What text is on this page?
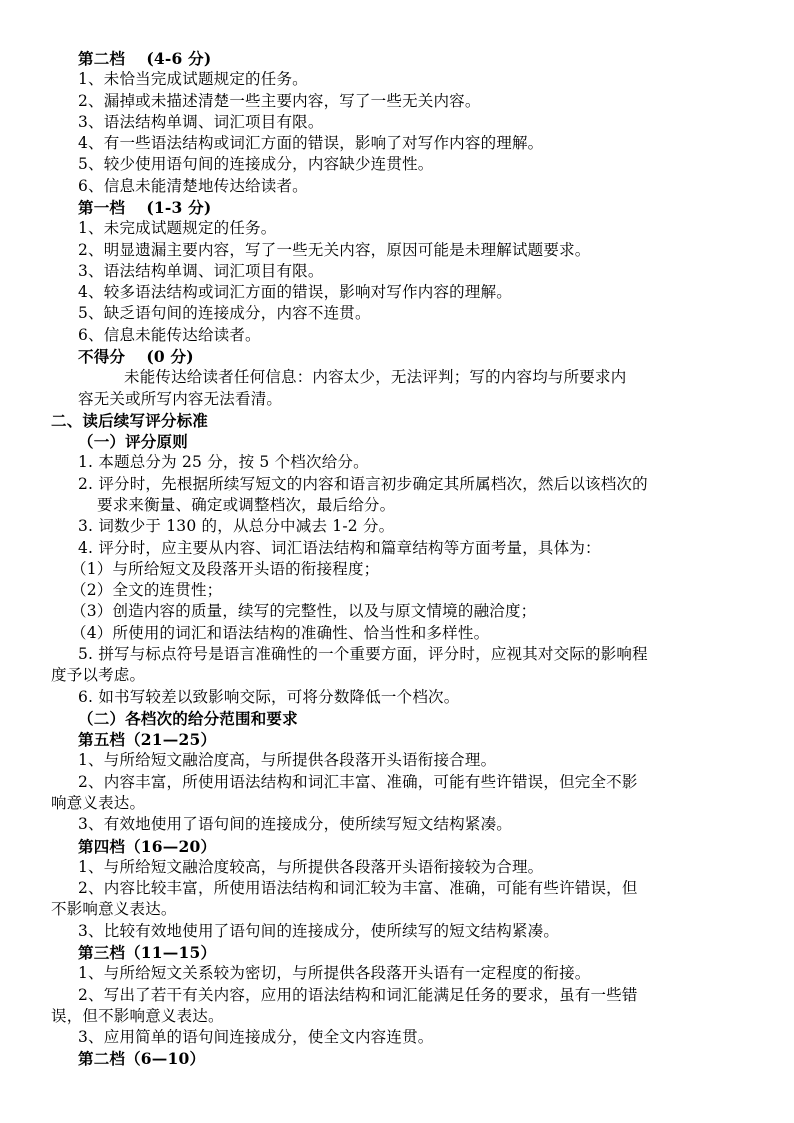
第二档　 (4-6 分)
1、未恰当完成试题规定的任务。
2、漏掉或未描述清楚一些主要内容，写了一些无关内容。
3、语法结构单调、词汇项目有限。
4、有一些语法结构或词汇方面的错误，影响了对写作内容的理解。
5、较少使用语句间的连接成分，内容缺少连贯性。
6、信息未能清楚地传达给读者。
第一档　 (1-3 分)
1、未完成试题规定的任务。
2、明显遗漏主要内容，写了一些无关内容，原因可能是未理解试题要求。
3、语法结构单调、词汇项目有限。
4、较多语法结构或词汇方面的错误，影响对写作内容的理解。
5、缺乏语句间的连接成分，内容不连贯。
6、信息未能传达给读者。
不得分　 (0 分)
未能传达给读者任何信息：内容太少，无法评判；写的内容均与所要求内
容无关或所写内容无法看清。
二、读后续写评分标准
（一）评分原则
1. 本题总分为 25 分，按 5 个档次给分。
2. 评分时，先根据所续写短文的内容和语言初步确定其所属档次，然后以该档次的
要求来衡量、确定或调整档次，最后给分。
3. 词数少于 130 的，从总分中减去 1-2 分。
4. 评分时，应主要从内容、词汇语法结构和篇章结构等方面考量，具体为：
（1）与所给短文及段落开头语的衔接程度；
（2）全文的连贯性；
（3）创造内容的质量，续写的完整性，以及与原文情境的融洽度；
（4）所使用的词汇和语法结构的准确性、恰当性和多样性。
5. 拼写与标点符号是语言准确性的一个重要方面，评分时，应视其对交际的影响程
度予以考虑。
6. 如书写较差以致影响交际，可将分数降低一个档次。
（二）各档次的给分范围和要求
第五档（21—25）
1、与所给短文融洽度高，与所提供各段落开头语衔接合理。
2、内容丰富，所使用语法结构和词汇丰富、准确，可能有些许错误，但完全不影
响意义表达。
3、有效地使用了语句间的连接成分，使所续写短文结构紧凑。
第四档（16—20）
1、与所给短文融洽度较高，与所提供各段落开头语衔接较为合理。
2、内容比较丰富，所使用语法结构和词汇较为丰富、准确，可能有些许错误，但
不影响意义表达。
3、比较有效地使用了语句间的连接成分，使所续写的短文结构紧凑。
第三档（11—15）
1、与所给短文关系较为密切，与所提供各段落开头语有一定程度的衔接。
2、写出了若干有关内容，应用的语法结构和词汇能满足任务的要求，虽有一些错
误，但不影响意义表达。
3、应用简单的语句间连接成分，使全文内容连贯。
第二档（6—10）
